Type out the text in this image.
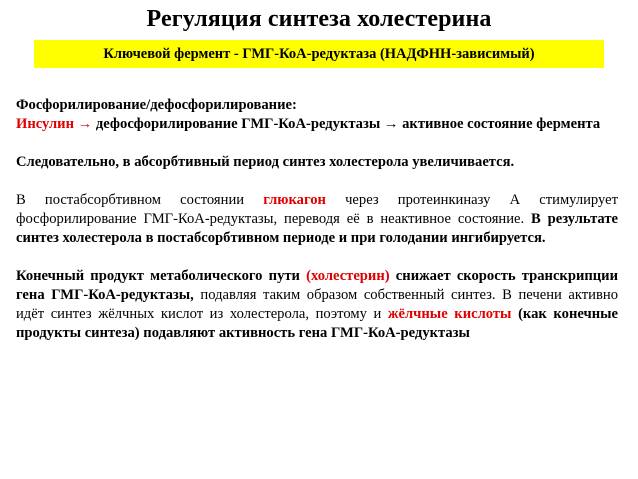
Регуляция синтеза холестерина
Ключевой фермент - ГМГ-КоА-редуктаза (НАДФНН-зависимый)

Фосфорилирование/дефосфорилирование:
Инсулин → дефосфорилирование ГМГ-КоА-редуктазы → активное состояние фермента

Следовательно, в абсорбтивный период синтез холестерола увеличивается.

В постабсорбтивном состоянии глюкагон через протеинкиназу А стимулирует фосфорилирование ГМГ-КоА-редуктазы, переводя её в неактивное состояние. В результате синтез холестерола в постабсорбтивном периоде и при голодании ингибируется.

Конечный продукт метаболического пути (холестерин) снижает скорость транскрипции гена ГМГ-КоА-редуктазы, подавляя таким образом собственный синтез. В печени активно идёт синтез жёлчных кислот из холестерола, поэтому и жёлчные кислоты (как конечные продукты синтеза) подавляют активность гена ГМГ-КоА-редуктазы
